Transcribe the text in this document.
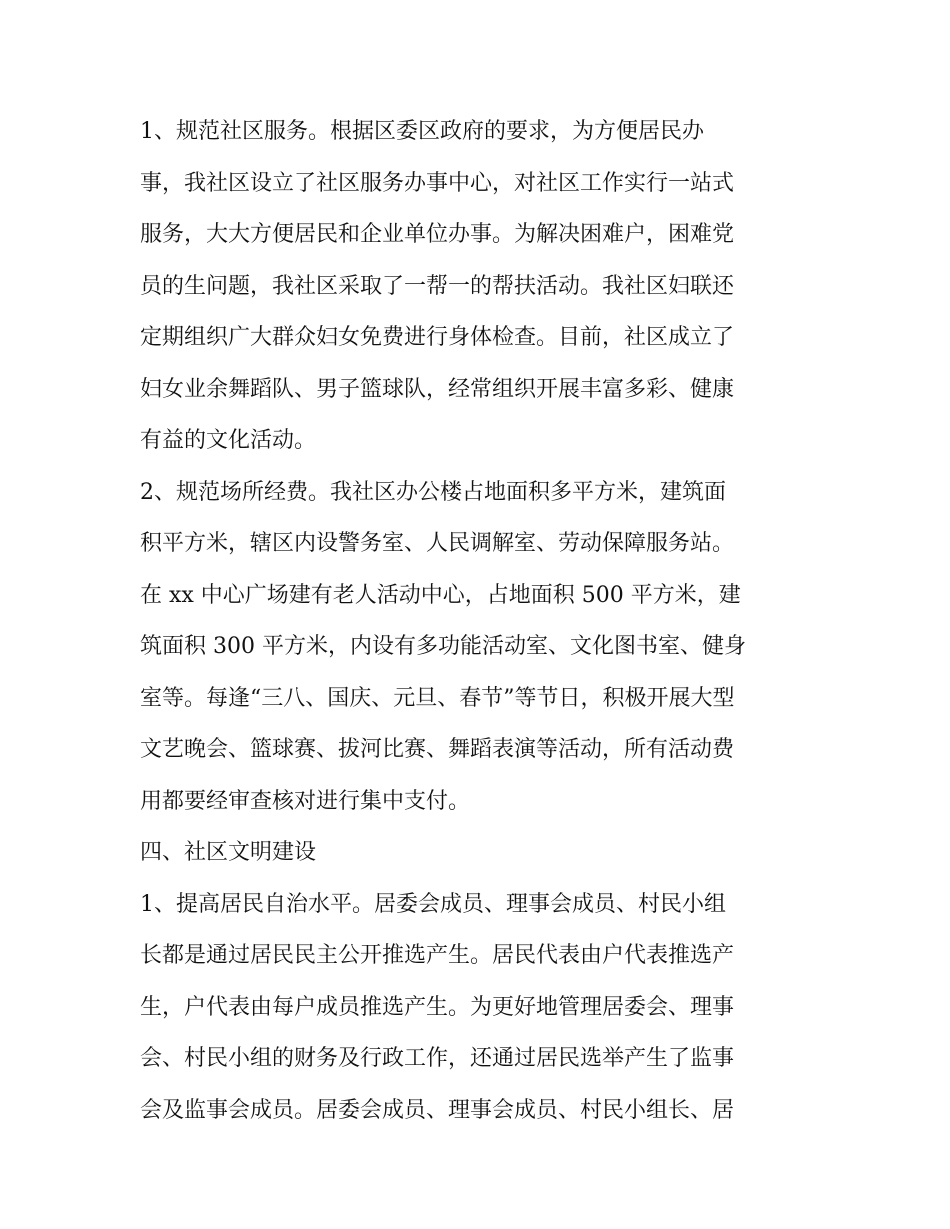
1、规范社区服务。根据区委区政府的要求，为方便居民办
事，我社区设立了社区服务办事中心，对社区工作实行一站式
服务，大大方便居民和企业单位办事。为解决困难户，困难党
员的生问题，我社区采取了一帮一的帮扶活动。我社区妇联还
定期组织广大群众妇女免费进行身体检查。目前，社区成立了
妇女业余舞蹈队、男子篮球队，经常组织开展丰富多彩、健康
有益的文化活动。
2、规范场所经费。我社区办公楼占地面积多平方米，建筑面
积平方米，辖区内设警务室、人民调解室、劳动保障服务站。
在 xx 中心广场建有老人活动中心，占地面积 500 平方米，建
筑面积 300 平方米，内设有多功能活动室、文化图书室、健身
室等。每逢“三八、国庆、元旦、春节”等节日，积极开展大型
文艺晚会、篮球赛、拔河比赛、舞蹈表演等活动，所有活动费
用都要经审查核对进行集中支付。
四、社区文明建设
1、提高居民自治水平。居委会成员、理事会成员、村民小组
长都是通过居民民主公开推选产生。居民代表由户代表推选产
生，户代表由每户成员推选产生。为更好地管理居委会、理事
会、村民小组的财务及行政工作，还通过居民选举产生了监事
会及监事会成员。居委会成员、理事会成员、村民小组长、居
